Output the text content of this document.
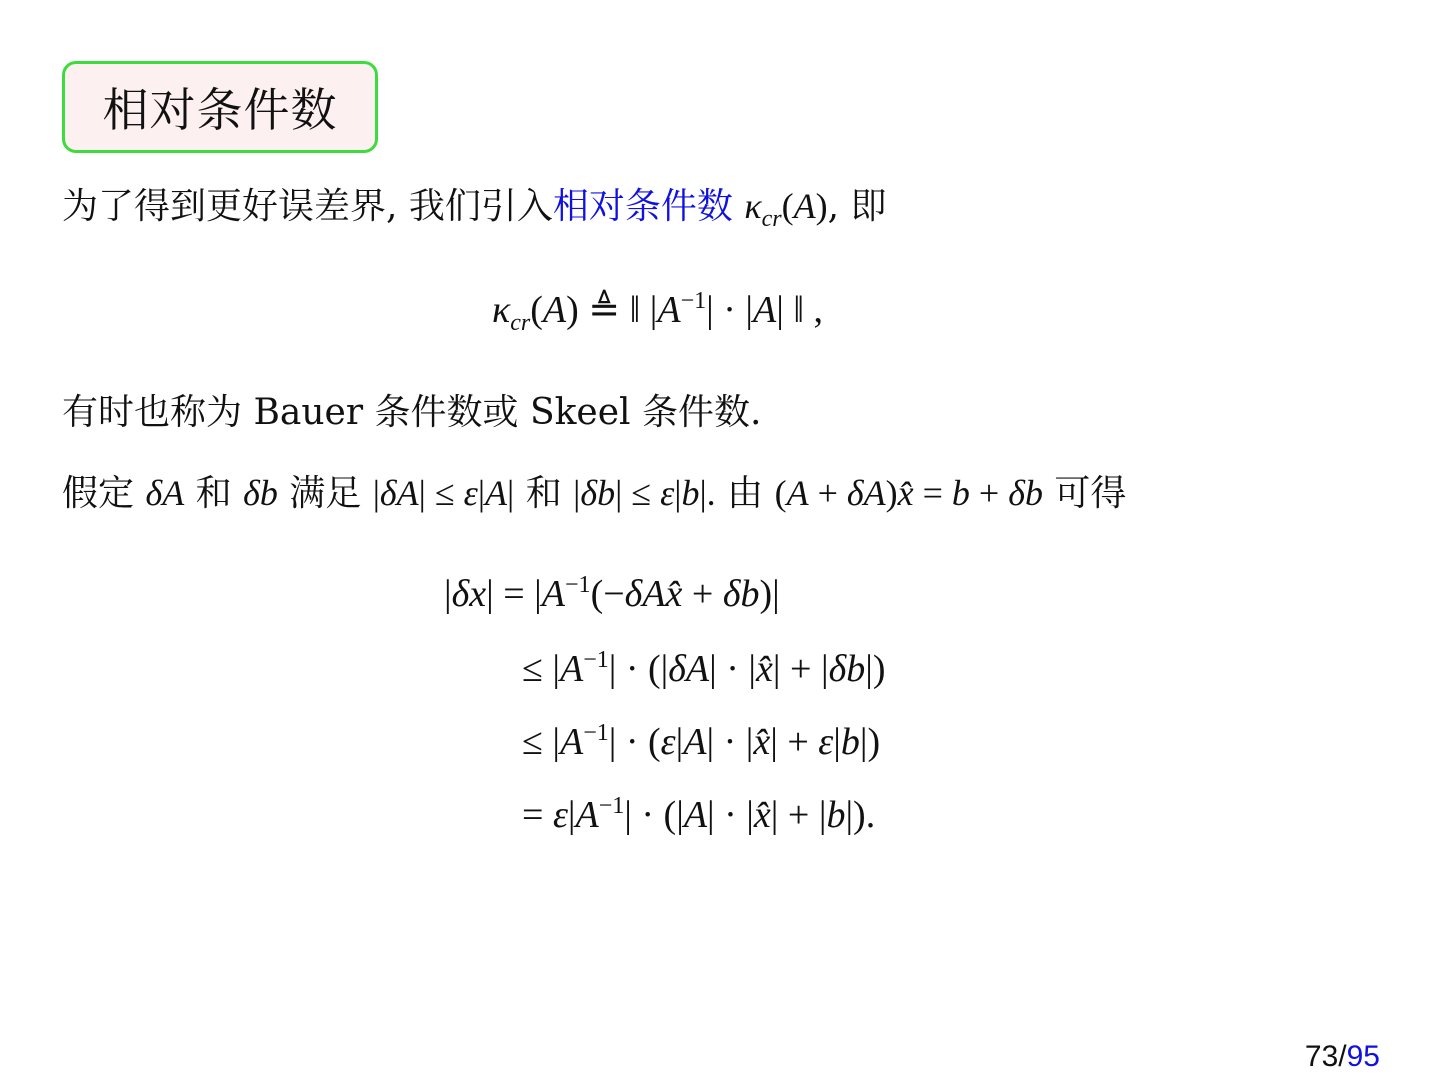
相对条件数
为了得到更好误差界, 我们引入相对条件数 $\kappa_{cr}(A)$, 即
$\kappa_{cr}(A)$ ≜ ‖ $|A^{-1}| \cdot |A|$ ‖ ,
有时也称为 Bauer 条件数或 Skeel 条件数.
假定 δA 和 δb 满足 |δA| ≤ ε|A| 和 |δb| ≤ ε|b|. 由 (A + δA)x̂ = b + δb 可得
$|\delta x| = |A^{-1}(-\delta Ax̂ + \delta b)|$
≤ $|A^{-1}| \cdot (|\delta A|$ · |x̂| + |δb|)
≤ $|A^{-1}| \cdot (\varepsilon|A|$ · |x̂| + ε|b|)
= $\varepsilon|A^{-1}| \cdot (|A|$ · |x̂| + |b|).
73/95
